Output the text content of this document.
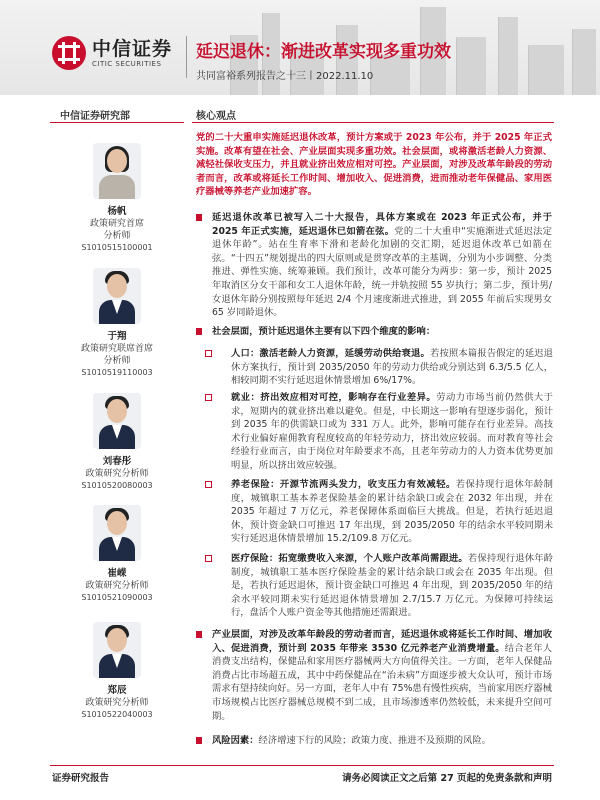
中信证券
CITIC SECURITIES
延迟退休：渐进改革实现多重功效
共同富裕系列报告之十三丨2022.11.10
中信证券研究部	核心观点
杨帆
政策研究首席
分析师
S1010515100001
于翔
政策研究联席首席
分析师
S1010519110003
刘春彤
政策研究分析师
S1010520080003
崔嵘
政策研究分析师
S1010521090003
郑辰
政策研究分析师
S1010522040003
党的二十大重申实施延迟退休改革，预计方案或于 2023 年公布，并于 2025 年正式实施。改革有望在社会、产业层面实现多重功效。社会层面，或将激活老龄人力资源、减轻社保收支压力，并且就业挤出效应相对可控。产业层面，对涉及改革年龄段的劳动者而言，改革或将延长工作时间、增加收入、促进消费，进而推动老年保健品、家用医疗器械等养老产业加速扩容。
延迟退休改革已被写入二十大报告，具体方案或在 2023 年正式公布，并于 2025 年正式实施，延迟退休已如箭在弦。党的二十大重申“实施渐进式延迟法定退休年龄”。站在生育率下滑和老龄化加剧的交汇期，延迟退休改革已如箭在弦。“十四五”规划提出的四大原则或是贯穿改革的主基调，分别为小步调整、分类推进、弹性实施、统筹兼顾。我们预计，改革可能分为两步：第一步，预计 2025 年取消区分女干部和女工人退休年龄，统一并轨按照 55 岁执行；第二步，预计男/女退休年龄分别按照每年延迟 2/4 个月速度渐进式推进，到 2055 年前后实现男女 65 岁同龄退休。
社会层面，预计延迟退休主要有以下四个维度的影响：
人口：激活老龄人力资源，延缓劳动供给衰退。若按照本篇报告假定的延迟退休方案执行，预计到 2035/2050 年的劳动力供给或分别达到 6.3/5.5 亿人，相较同期不实行延迟退休情景增加 6%/17%。
就业：挤出效应相对可控，影响存在行业差异。劳动力市场当前仍然供大于求，短期内的就业挤出难以避免。但是，中长期这一影响有望逐步弱化，预计到 2035 年的供需缺口或为 331 万人。此外，影响可能存在行业差异。高技术行业偏好雇佣教育程度较高的年轻劳动力，挤出效应较弱。而对教育等社会经验行业而言，由于岗位对年龄要求不高，且老年劳动力的人力资本优势更加明显，所以挤出效应较强。
养老保险：开源节流两头发力，收支压力有效减轻。若保持现行退休年龄制度，城镇职工基本养老保险基金的累计结余缺口或会在 2032 年出现，并在 2035 年超过 7 万亿元，养老保障体系面临巨大挑战。但是，若执行延迟退休，预计资金缺口可推迟 17 年出现，到 2035/2050 年的结余水平较同期未实行延迟退休情景增加 15.2/109.8 万亿元。
医疗保险：拓宽缴费收入来源，个人账户改革尚需跟进。若保持现行退休年龄制度，城镇职工基本医疗保险基金的累计结余缺口或会在 2035 年出现。但是，若执行延迟退休，预计资金缺口可推迟 4 年出现，到 2035/2050 年的结余水平较同期未实行延迟退休情景增加 2.7/15.7 万亿元。为保障可持续运行，盘活个人账户资金等其他措施还需跟进。
产业层面，对涉及改革年龄段的劳动者而言，延迟退休或将延长工作时间、增加收入、促进消费，预计到 2035 年带来 3530 亿元养老产业消费增量。结合老年人消费支出结构，保健品和家用医疗器械两大方向值得关注。一方面，老年人保健品消费占比市场超五成，其中中药保健品在“治未病”方面逐步被大众认可，预计市场需求有望持续向好。另一方面，老年人中有 75%患有慢性疾病，当前家用医疗器械市场规模占比医疗器械总规模不到二成，且市场渗透率仍然较低，未来提升空间可期。
风险因素：经济增速下行的风险；政策力度、推进不及预期的风险。
证券研究报告	请务必阅读正文之后第 27 页起的免责条款和声明
